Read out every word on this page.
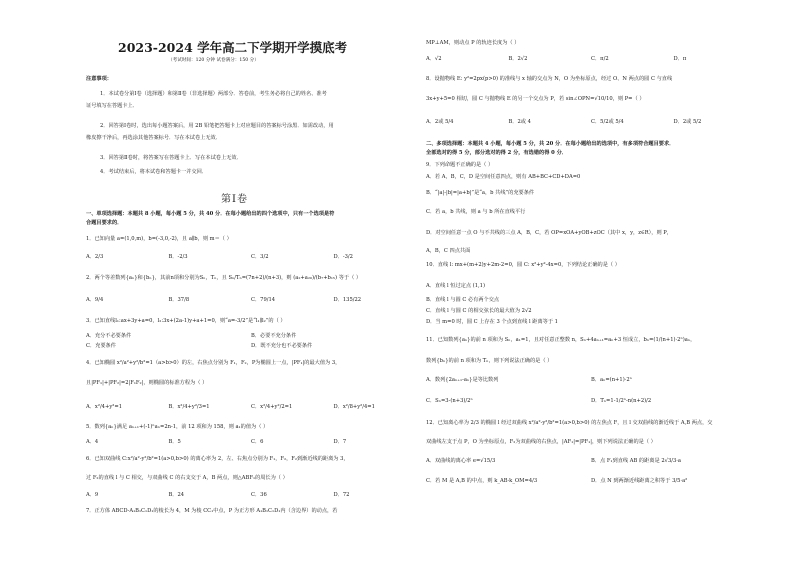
2023-2024 学年高二下学期开学摸底考
（考试时间：120 分钟 试卷满分：150 分）
注意事项：
1．本试卷分第Ⅰ卷（选择题）和第Ⅱ卷（非选择题）两部分．答卷前，考生务必将自己的姓名、准考
证号填写在答题卡上．
2．回答第Ⅰ卷时，选出每小题答案后，用 2B 铅笔把答题卡上对应题目的答案标号涂黑．如需改动，用
橡皮擦干净后，再选涂其他答案标号．写在本试卷上无效．
3．回答第Ⅱ卷时，将答案写在答题卡上．写在本试卷上无效．
4．考试结束后，将本试卷和答题卡一并交回．
第Ⅰ卷
一、单项选择题：本题共 8 小题，每小题 5 分，共 40 分．在每小题给出的四个选项中，只有一个选项是符
合题目要求的．
1．已知向量 a=(1,0,m)，b=(-3,0,-2)，且 a∥b，则 m＝（ ）
A．2/3	B．-2/3	C．3/2	D．-3/2
2．两个等差数列{aₙ}和{bₙ}，其前n项和分别为Sₙ，Tₙ，且 Sₙ/Tₙ=(7n+2)/(n+3)，则 (a₂+a₂₀)/(b₇+b₁₅) 等于（ ）
A．9/4	B．37/8	C．79/14	D．135/22
3．已知直线l₁:ax+3y+a=0，l₂:3x+(2a-1)y+a+1=0，则“a=-3/2”是“l₁∥l₂”的（ ）
A．充分不必要条件	B．必要不充分条件
C．充要条件	D．既不充分也不必要条件
4．已知椭圆 x²/a²+y²/b²=1（a>b>0）的左，右焦点分别为 F₁，F₂，P为椭圆上一点，|PF₁|的最大值为 3，
且|PF₁|+|PF₂|=2|F₁F₂|，则椭圆的标准方程为（ ）
A．x²/4+y²=1	B．x²/4+y²/3=1	C．x²/4+y²/2=1	D．x²/8+y²/4=1
5．数列{aₙ}满足 aₙ₊₁+(-1)ⁿaₙ=2n-1，前 12 项和为 158，则 a₁的值为（ ）
A．4	B．5	C．6	D．7
6．已知双曲线 C:x²/a²-y²/b²=1(a>0,b>0) 的离心率为 2，左、右焦点分别为 F₁，F₂，F₂到渐近线的距离为 3，
过 F₂的直线 l 与 C 相交，与双曲线 C 的右支交于 A，B 两点，则△ABF₁的周长为（ ）
A．9	B．24	C．36	D．72
7．正方体 ABCD-A₁B₁C₁D₁的棱长为 4，M 为棱 CC₁中点，P 为正方形 A₁B₁C₁D₁内（含边界）的动点，若
MP⊥AM，则动点 P 的轨迹长度为（ ）
A．√2	B．2√2	C．π/2	D．π
8．设抛物线 E: y²=2px(p>0) 的准线与 x 轴的交点为 N，O 为坐标原点，经过 O、N 两点的圆 C 与直线
3x+y+5=0 相切，圆 C 与抛物线 E 的另一个交点为 P，若 sin∠OPN=√10/10，则 P=（ ）
A．2或 5/4	B．2或 4	C．5/2或 5/4	D．2或 5/2
二、多项选择题：本题共 4 小题，每小题 5 分，共 20 分．在每小题给出的选项中，有多项符合题目要求．
全部选对的得 5 分，部分选对的得 2 分，有选错的得 0 分．
9．下列命题不正确的是（ ）
A．若 A，B，C，D 是空间任意四点，则有 AB+BC+CD+DA=0
B．“|a|-|b|=|a+b|”是“a，b 共线”的充要条件
C．若 a，b 共线，则 a 与 b 所在直线平行
D．对空间任意一点 O 与不共线的三点 A，B，C，若 OP=xOA+yOB+zOC（其中 x，y，z∈R），则 P，
A，B，C 四点共面
10．直线 l: mx+(m+2)y+2m-2=0，圆 C: x²+y²-4x=0，下列结论正确的是（ ）
A．直线 l 恒过定点 (1,1)
B．直线 l 与圆 C 必有两个交点
C．直线 l 与圆 C 的相交弦长的最大值为 2√2
D．当 m=0 时，圆 C 上存在 3 个点到直线 l 距离等于 1
11．已知数列{aₙ}的前 n 项和为 Sₙ，a₁=1，且对任意正整数 n，Sₙ+4aₙ₊₁=aₙ+3 恒成立，bₙ=(1/(n+1)·2ⁿ)aₙ，
数列{bₙ}的前 n 项和为 Tₙ，则下列说法正确的是（ ）
A．数列{2aₙ₊₁-aₙ}是等比数列	B．aₙ=(n+1)·2ⁿ
C．Sₙ=3-(n+3)/2ⁿ	D．Tₙ=1-1/2ⁿ-n(n+2)/2
12．已知离心率为 2/3 的椭圆 l 经过双曲线 x²/a²-y²/b²=1(a>0,b>0) 的左焦点 F，且 l 交双曲线的渐近线于 A,B 两点，交
双曲线左支于点 P，O 为坐标原点，F₂为双曲线的右焦点，|AF₁|=|PF₁|，则下列说法正确的是（ ）
A．双曲线的离心率 e=√15/3	B．点 F₁到直线 AB 的距离是 2√3/3·a
C．若 M 是 A,B 的中点，则 k_AB·k_OM=4/3	D．点 N 到两渐近线距离之积等于 3/5·a²
